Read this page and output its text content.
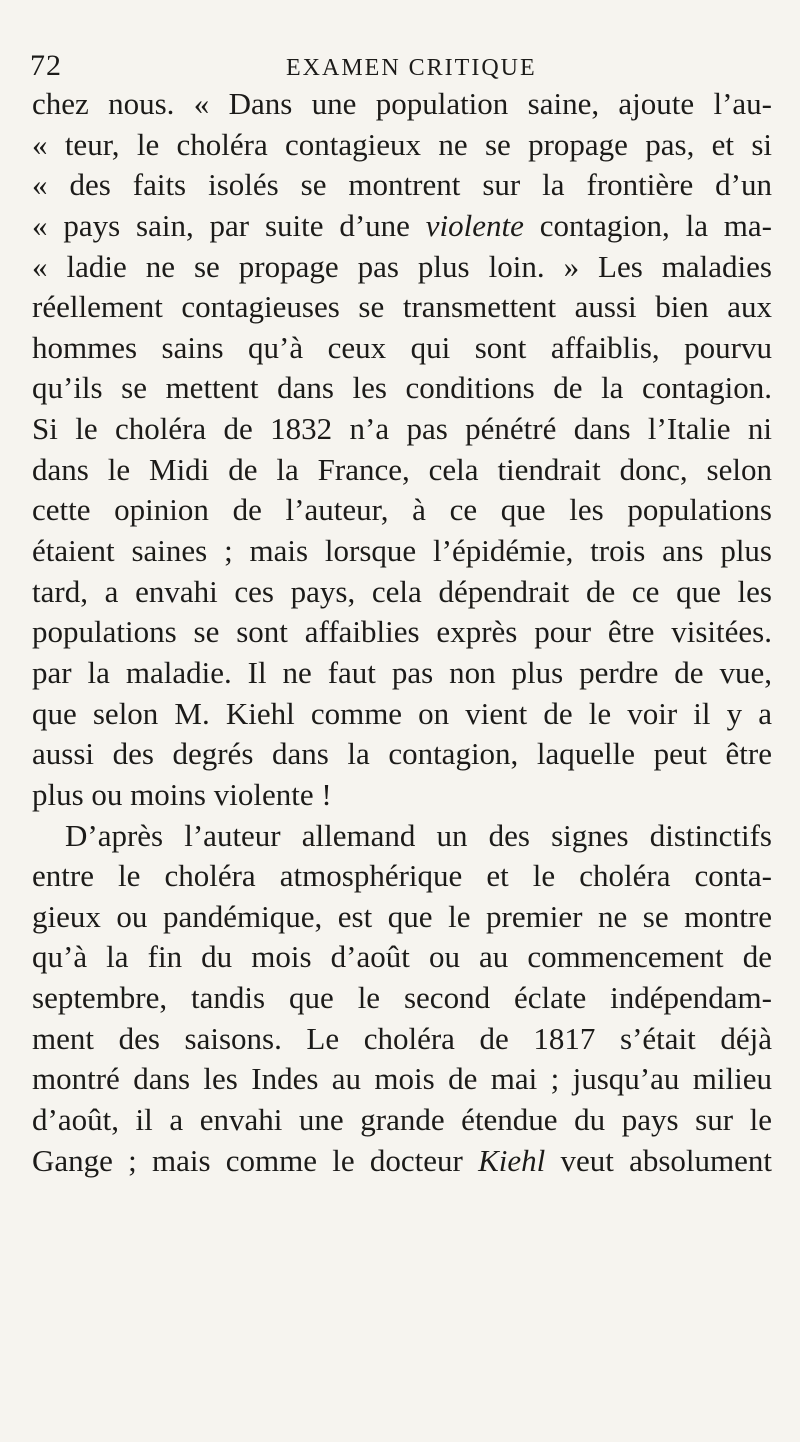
72	EXAMEN CRITIQUE
chez nous. « Dans une population saine, ajoute l’au-
« teur, le choléra contagieux ne se propage pas, et si
« des faits isolés se montrent sur la frontière d’un
« pays sain, par suite d’une violente contagion, la ma-
« ladie ne se propage pas plus loin. » Les maladies
réellement contagieuses se transmettent aussi bien aux
hommes sains qu’à ceux qui sont affaiblis, pourvu
qu’ils se mettent dans les conditions de la contagion.
Si le choléra de 1832 n’a pas pénétré dans l’Italie ni
dans le Midi de la France, cela tiendrait donc, selon
cette opinion de l’auteur, à ce que les populations
étaient saines ; mais lorsque l’épidémie, trois ans plus
tard, a envahi ces pays, cela dépendrait de ce que les
populations se sont affaiblies exprès pour être visitées.
par la maladie. Il ne faut pas non plus perdre de vue,
que selon M. Kiehl comme on vient de le voir il y a
aussi des degrés dans la contagion, laquelle peut être
plus ou moins violente !
D’après l’auteur allemand un des signes distinctifs
entre le choléra atmosphérique et le choléra conta-
gieux ou pandémique, est que le premier ne se montre
qu’à la fin du mois d’août ou au commencement de
septembre, tandis que le second éclate indépendam-
ment des saisons. Le choléra de 1817 s’était déjà
montré dans les Indes au mois de mai ; jusqu’au milieu
d’août, il a envahi une grande étendue du pays sur le
Gange ; mais comme le docteur Kiehl veut absolument
